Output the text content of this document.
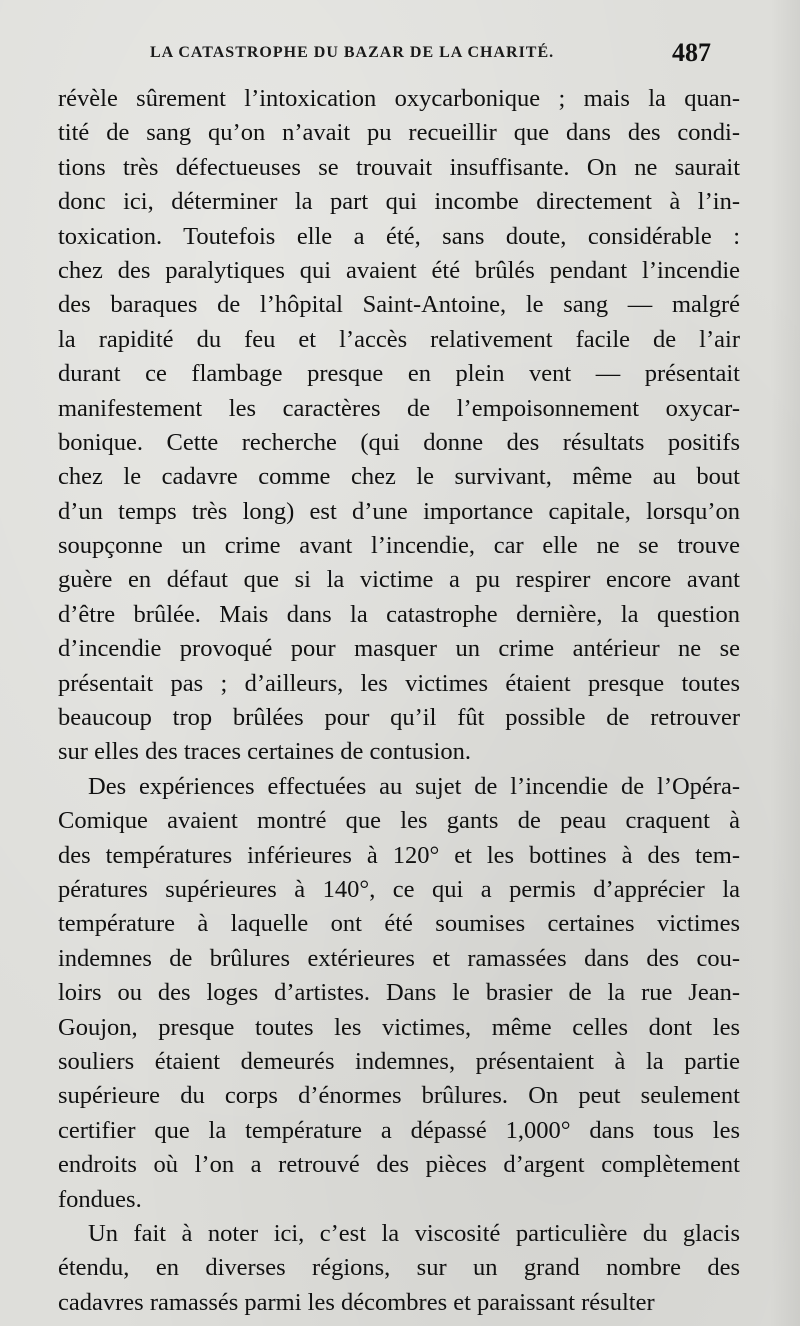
LA CATASTROPHE DU BAZAR DE LA CHARITÉ.	487
révèle sûrement l’intoxication oxycarbonique ; mais la quan-
tité de sang qu’on n’avait pu recueillir que dans des condi-
tions très défectueuses se trouvait insuffisante. On ne saurait
donc ici, déterminer la part qui incombe directement à l’in-
toxication. Toutefois elle a été, sans doute, considérable :
chez des paralytiques qui avaient été brûlés pendant l’incendie
des baraques de l’hôpital Saint-Antoine, le sang — malgré
la rapidité du feu et l’accès relativement facile de l’air
durant ce flambage presque en plein vent — présentait
manifestement les caractères de l’empoisonnement oxycar-
bonique. Cette recherche (qui donne des résultats positifs
chez le cadavre comme chez le survivant, même au bout
d’un temps très long) est d’une importance capitale, lorsqu’on
soupçonne un crime avant l’incendie, car elle ne se trouve
guère en défaut que si la victime a pu respirer encore avant
d’être brûlée. Mais dans la catastrophe dernière, la question
d’incendie provoqué pour masquer un crime antérieur ne se
présentait pas ; d’ailleurs, les victimes étaient presque toutes
beaucoup trop brûlées pour qu’il fût possible de retrouver
sur elles des traces certaines de contusion.
Des expériences effectuées au sujet de l’incendie de l’Opéra-
Comique avaient montré que les gants de peau craquent à
des températures inférieures à 120° et les bottines à des tem-
pératures supérieures à 140°, ce qui a permis d’apprécier la
température à laquelle ont été soumises certaines victimes
indemnes de brûlures extérieures et ramassées dans des cou-
loirs ou des loges d’artistes. Dans le brasier de la rue Jean-
Goujon, presque toutes les victimes, même celles dont les
souliers étaient demeurés indemnes, présentaient à la partie
supérieure du corps d’énormes brûlures. On peut seulement
certifier que la température a dépassé 1,000° dans tous les
endroits où l’on a retrouvé des pièces d’argent complètement
fondues.
Un fait à noter ici, c’est la viscosité particulière du glacis
étendu, en diverses régions, sur un grand nombre des
cadavres ramassés parmi les décombres et paraissant résulter
